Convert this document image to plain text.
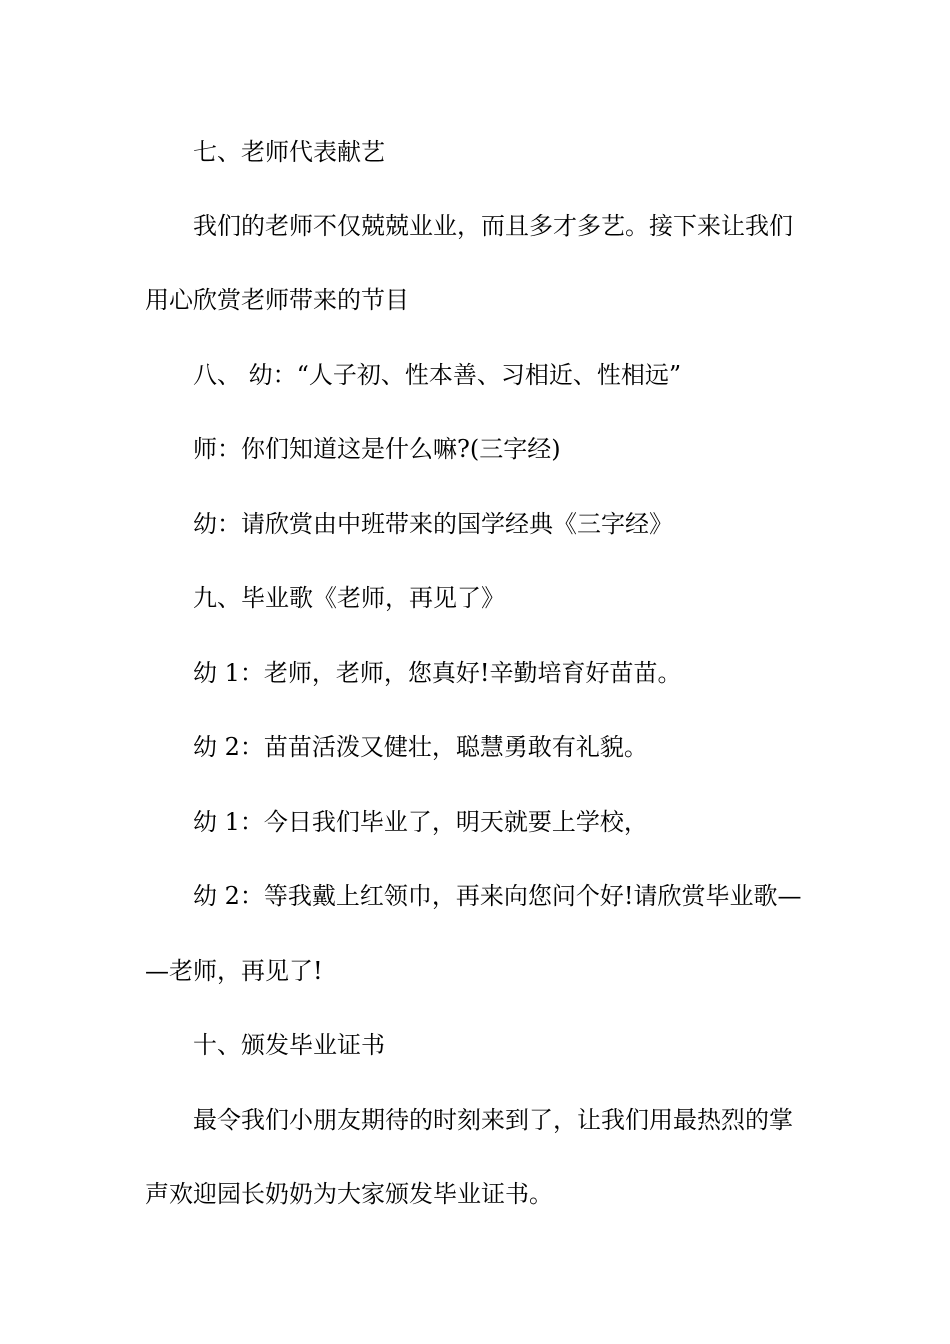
七、老师代表献艺
我们的老师不仅兢兢业业，而且多才多艺。接下来让我们
用心欣赏老师带来的节目
八、 幼：“人子初、性本善、习相近、性相远”
师：你们知道这是什么嘛?(三字经)
幼：请欣赏由中班带来的国学经典《三字经》
九、毕业歌《老师，再见了》
幼 1：老师，老师，您真好!辛勤培育好苗苗。
幼 2：苗苗活泼又健壮，聪慧勇敢有礼貌。
幼 1：今日我们毕业了，明天就要上学校，
幼 2：等我戴上红领巾，再来向您问个好!请欣赏毕业歌—
—老师，再见了!
十、颁发毕业证书
最令我们小朋友期待的时刻来到了，让我们用最热烈的掌
声欢迎园长奶奶为大家颁发毕业证书。
